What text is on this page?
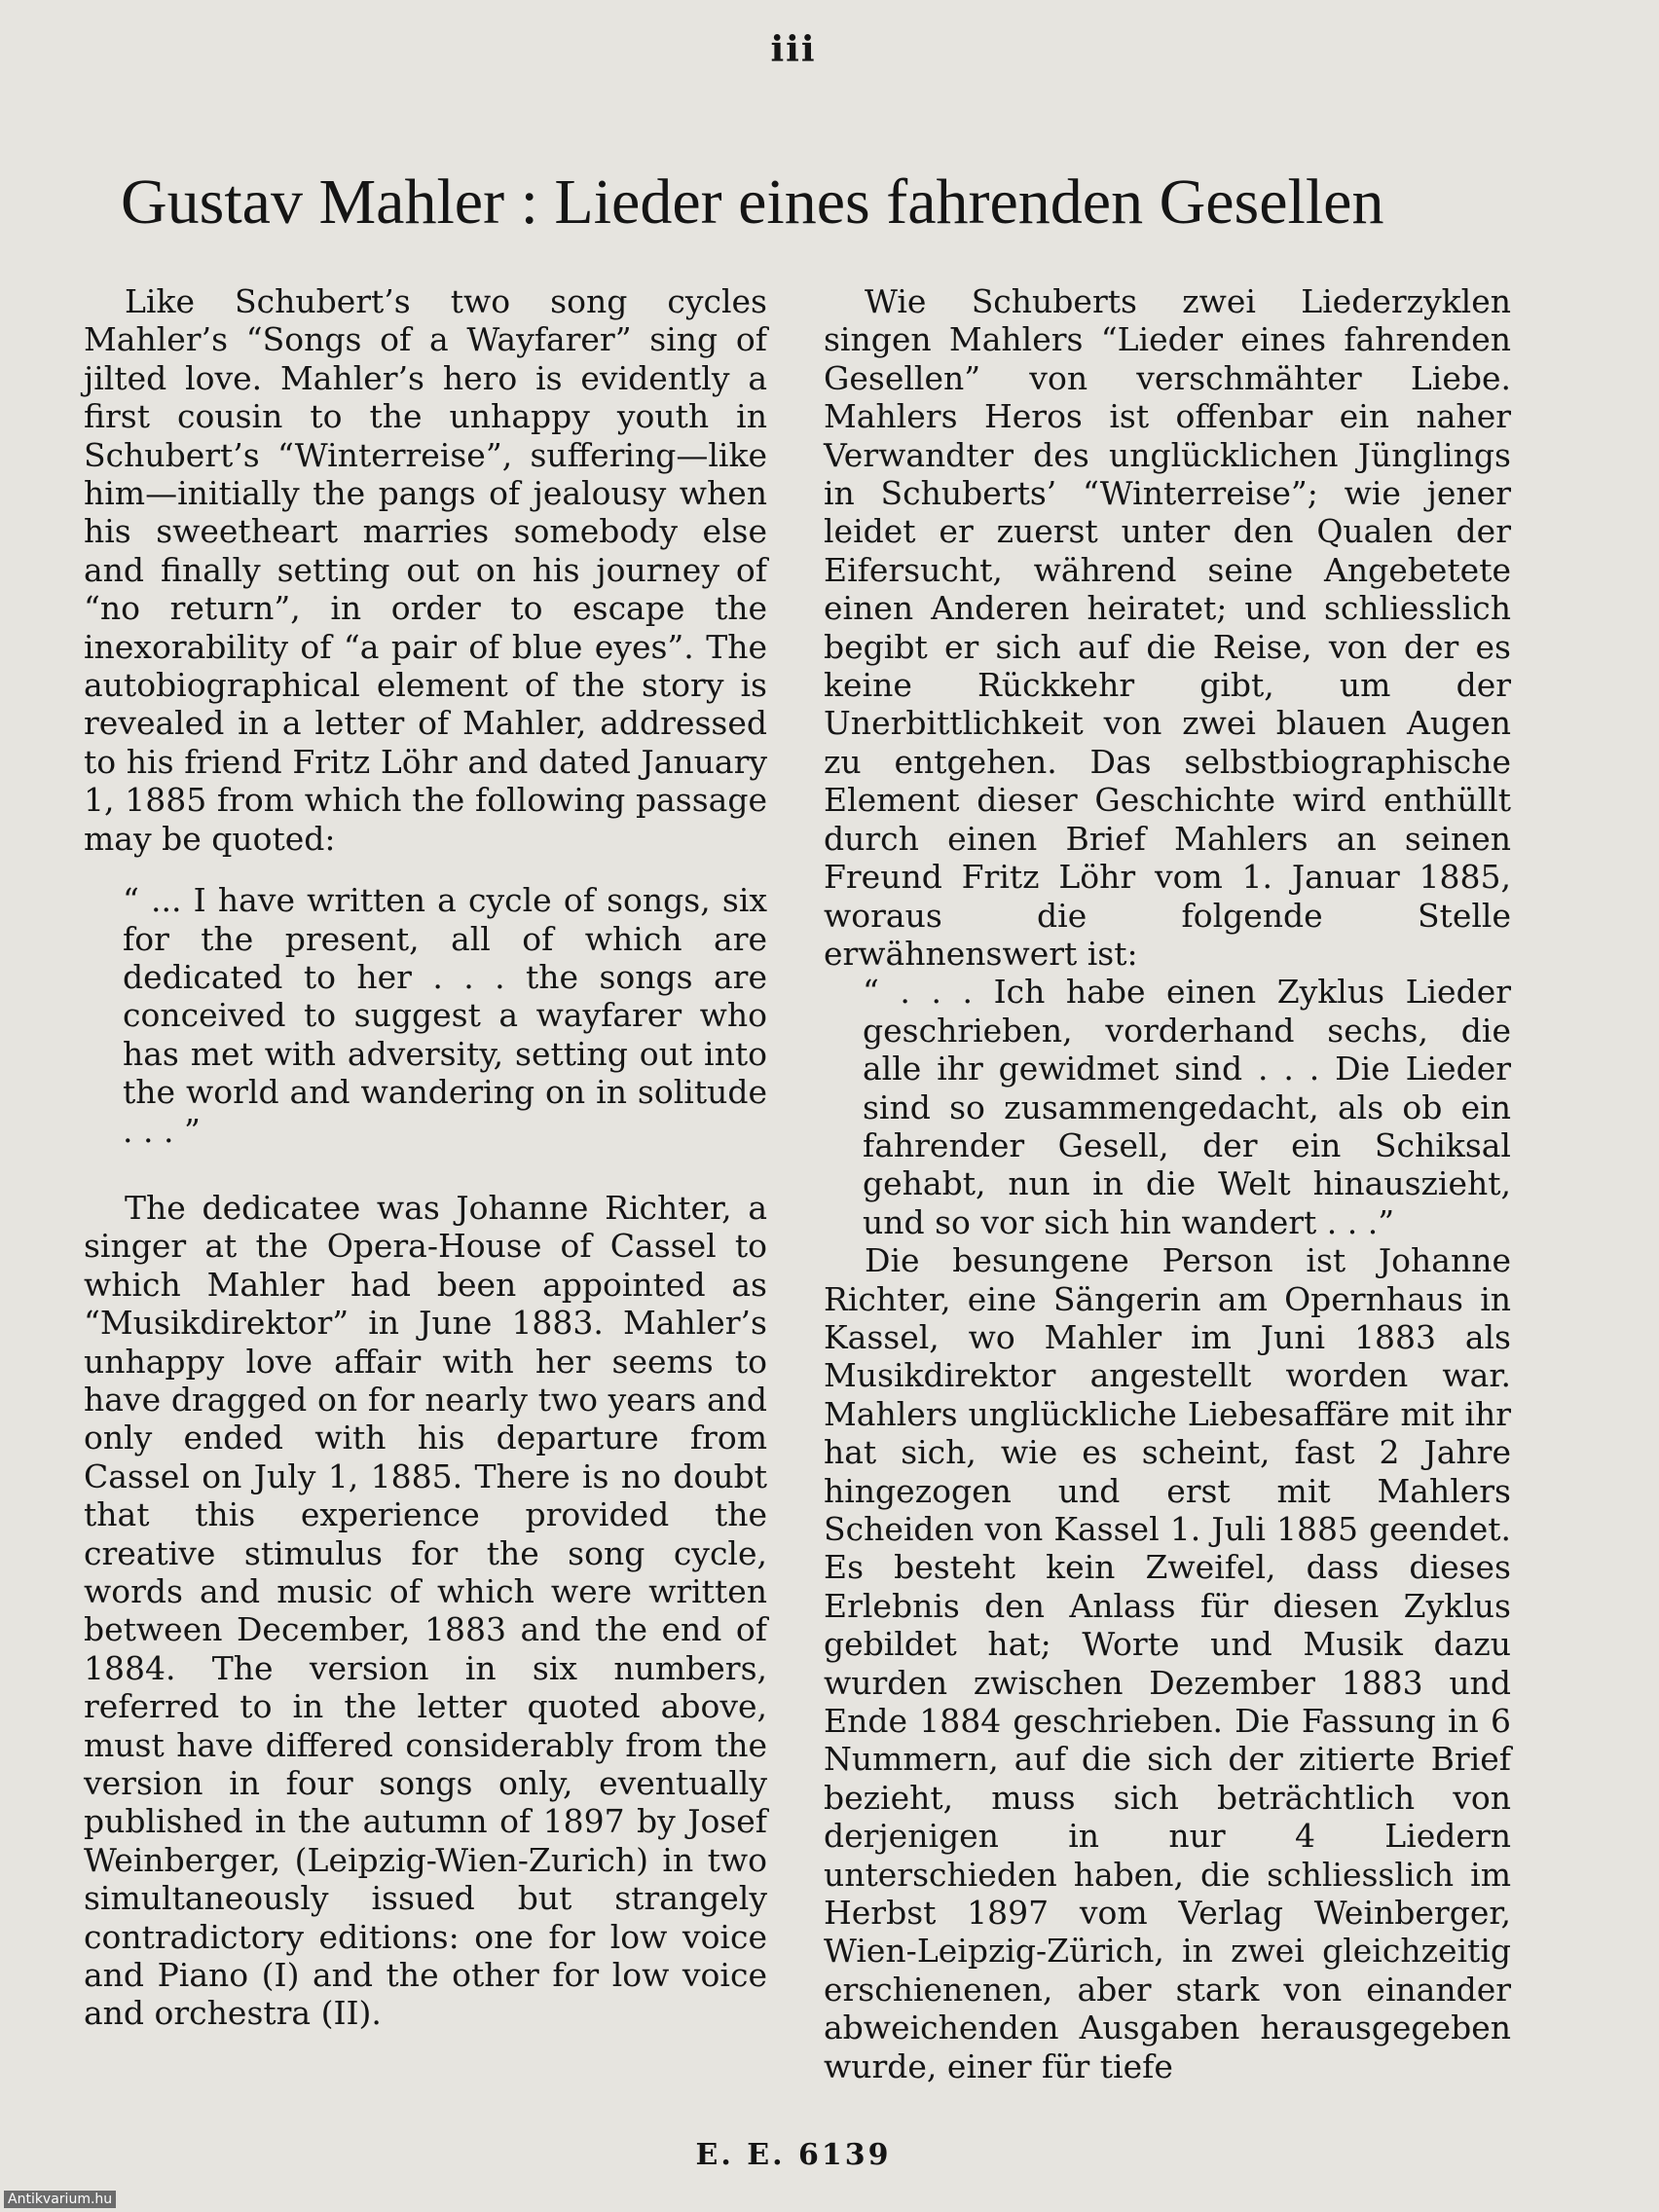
iii
Gustav Mahler : Lieder eines fahrenden Gesellen

Like Schubert’s two song cycles Mahler’s “Songs of a Wayfarer” sing of jilted love. Mahler’s hero is evidently a first cousin to the unhappy youth in Schubert’s “Winterreise”, suffering—like him—initially the pangs of jealousy when his sweetheart marries somebody else and finally setting out on his journey of “no return”, in order to escape the inexorability of “a pair of blue eyes”. The autobiographical element of the story is revealed in a letter of Mahler, addressed to his friend Fritz Löhr and dated January 1, 1885 from which the following passage may be quoted:

“ ... I have written a cycle of songs, six for the present, all of which are dedicated to her . . . the songs are conceived to suggest a wayfarer who has met with adversity, setting out into the world and wandering on in solitude . . . ”

The dedicatee was Johanne Richter, a singer at the Opera-House of Cassel to which Mahler had been appointed as “Musikdirektor” in June 1883. Mahler’s unhappy love affair with her seems to have dragged on for nearly two years and only ended with his departure from Cassel on July 1, 1885. There is no doubt that this experience provided the creative stimulus for the song cycle, words and music of which were written between December, 1883 and the end of 1884. The version in six numbers, referred to in the letter quoted above, must have differed considerably from the version in four songs only, eventually published in the autumn of 1897 by Josef Weinberger, (Leipzig-Wien-Zurich) in two simultaneously issued but strangely contradictory editions: one for low voice and Piano (I) and the other for low voice and orchestra (II).

Wie Schuberts zwei Liederzyklen singen Mahlers “Lieder eines fahrenden Gesellen” von verschmähter Liebe. Mahlers Heros ist offenbar ein naher Verwandter des unglücklichen Jünglings in Schuberts’ “Winterreise”; wie jener leidet er zuerst unter den Qualen der Eifersucht, während seine Angebetete einen Anderen heiratet; und schliesslich begibt er sich auf die Reise, von der es keine Rückkehr gibt, um der Unerbittlichkeit von zwei blauen Augen zu entgehen. Das selbstbiographische Element dieser Geschichte wird enthüllt durch einen Brief Mahlers an seinen Freund Fritz Löhr vom 1. Januar 1885, woraus die folgende Stelle erwähnenswert ist:

“ . . . Ich habe einen Zyklus Lieder geschrieben, vorderhand sechs, die alle ihr gewidmet sind . . . Die Lieder sind so zusammengedacht, als ob ein fahrender Gesell, der ein Schiksal gehabt, nun in die Welt hinauszieht, und so vor sich hin wandert . . .”

Die besungene Person ist Johanne Richter, eine Sängerin am Opernhaus in Kassel, wo Mahler im Juni 1883 als Musikdirektor angestellt worden war. Mahlers unglückliche Liebesaffäre mit ihr hat sich, wie es scheint, fast 2 Jahre hingezogen und erst mit Mahlers Scheiden von Kassel 1. Juli 1885 geendet. Es besteht kein Zweifel, dass dieses Erlebnis den Anlass für diesen Zyklus gebildet hat; Worte und Musik dazu wurden zwischen Dezember 1883 und Ende 1884 geschrieben. Die Fassung in 6 Nummern, auf die sich der zitierte Brief bezieht, muss sich beträchtlich von derjenigen in nur 4 Liedern unterschieden haben, die schliesslich im Herbst 1897 vom Verlag Weinberger, Wien-Leipzig-Zürich, in zwei gleichzeitig erschienenen, aber stark von einander abweichenden Ausgaben herausgegeben wurde, einer für tiefe

E. E. 6139
Antikvarium.hu
